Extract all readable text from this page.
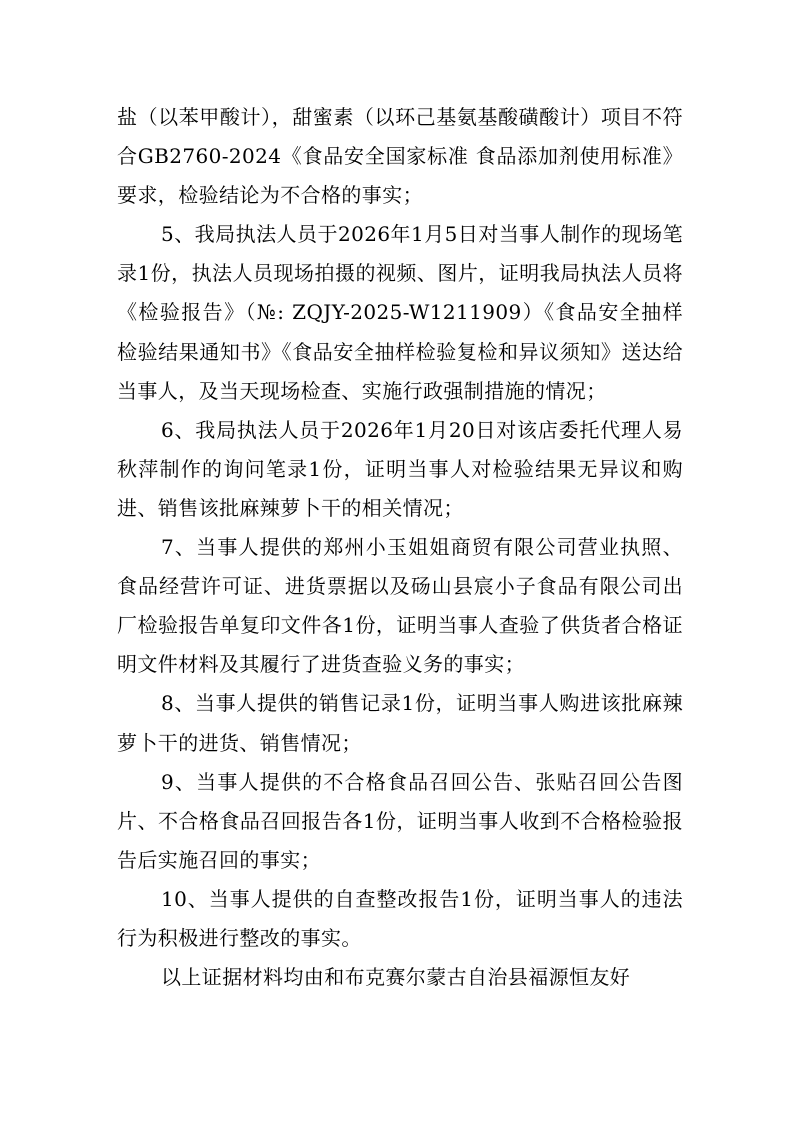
盐（以苯甲酸计），甜蜜素（以环己基氨基酸磺酸计）项目不符合GB2760-2024《食品安全国家标准 食品添加剂使用标准》要求，检验结论为不合格的事实；

5、我局执法人员于2026年1月5日对当事人制作的现场笔录1份，执法人员现场拍摄的视频、图片，证明我局执法人员将《检验报告》（№: ZQJY-2025-W1211909）《食品安全抽样检验结果通知书》《食品安全抽样检验复检和异议须知》送达给当事人，及当天现场检查、实施行政强制措施的情况；

6、我局执法人员于2026年1月20日对该店委托代理人易秋萍制作的询问笔录1份，证明当事人对检验结果无异议和购进、销售该批麻辣萝卜干的相关情况；

7、当事人提供的郑州小玉姐姐商贸有限公司营业执照、食品经营许可证、进货票据以及砀山县宸小子食品有限公司出厂检验报告单复印文件各1份，证明当事人查验了供货者合格证明文件材料及其履行了进货查验义务的事实；

8、当事人提供的销售记录1份，证明当事人购进该批麻辣萝卜干的进货、销售情况；

9、当事人提供的不合格食品召回公告、张贴召回公告图片、不合格食品召回报告各1份，证明当事人收到不合格检验报告后实施召回的事实；

10、当事人提供的自查整改报告1份，证明当事人的违法行为积极进行整改的事实。

以上证据材料均由和布克赛尔蒙古自治县福源恒友好
